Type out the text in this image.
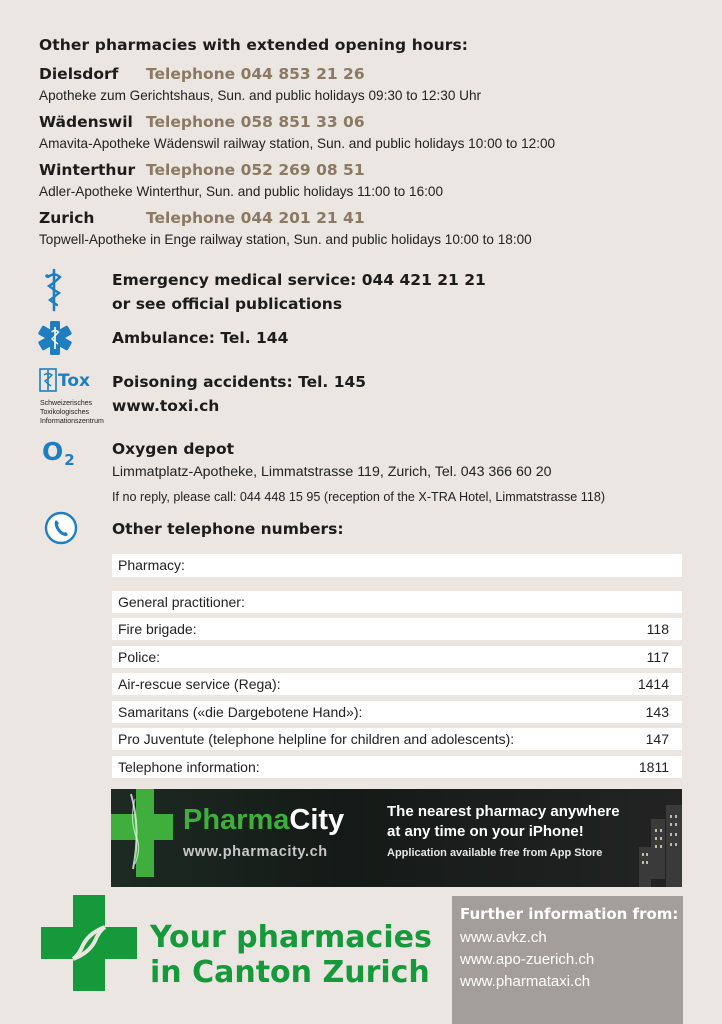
Other pharmacies with extended opening hours:
Dielsdorf Telephone 044 853 21 26
Apotheke zum Gerichtshaus, Sun. and public holidays 09:30 to 12:30 Uhr
Wädenswil Telephone 058 851 33 06
Amavita-Apotheke Wädenswil railway station, Sun. and public holidays 10:00 to 12:00
Winterthur Telephone 052 269 08 51
Adler-Apotheke Winterthur, Sun. and public holidays 11:00 to 16:00
Zurich	Telephone 044 201 21 41
Topwell-Apotheke in Enge railway station, Sun. and public holidays 10:00 to 18:00
Emergency medical service: 044 421 21 21
or see official publications
Ambulance: Tel. 144
Tox
Schweizerisches
Toxikologisches
Informationszentrum
Poisoning accidents: Tel. 145
www.toxi.ch
O2
Oxygen depot
Limmatplatz-Apotheke, Limmatstrasse 119, Zurich, Tel. 043 366 60 20
If no reply, please call: 044 448 15 95 (reception of the X-TRA Hotel, Limmatstrasse 118)
Other telephone numbers:
Pharmacy:
General practitioner:
Fire brigade:	118
Police:	117
Air-rescue service (Rega):	1414
Samaritans («die Dargebotene Hand»):	143
Pro Juventute (telephone helpline for children and adolescents):	147
Telephone information:	1811
PharmaCity
www.pharmacity.ch
The nearest pharmacy anywhere
at any time on your iPhone!
Application available free from App Store
Your pharmacies
in Canton Zurich
Further information from:
www.avkz.ch
www.apo-zuerich.ch
www.pharmataxi.ch
